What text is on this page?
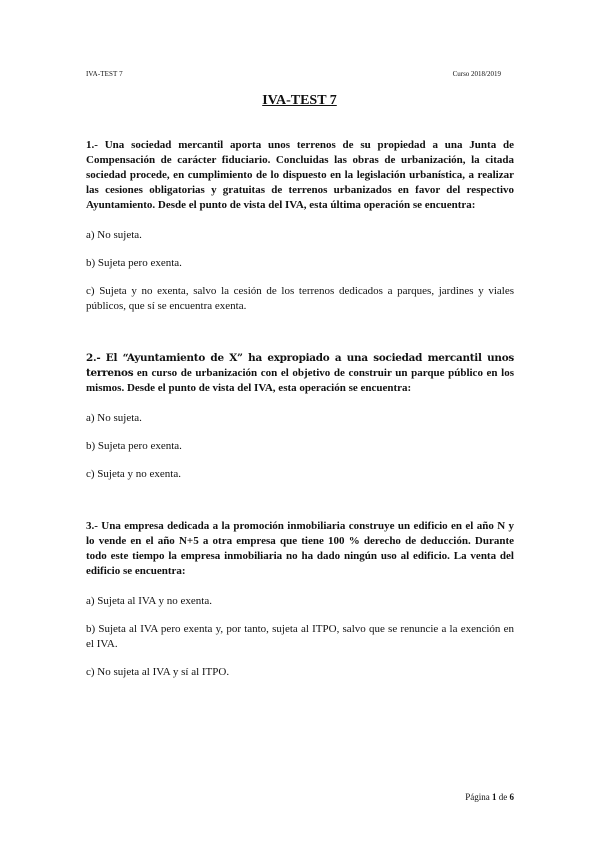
IVA-TEST 7	Curso 2018/2019
IVA-TEST 7

1.- Una sociedad mercantil aporta unos terrenos de su propiedad a una Junta de Compensación de carácter fiduciario. Concluidas las obras de urbanización, la citada sociedad procede, en cumplimiento de lo dispuesto en la legislación urbanística, a realizar las cesiones obligatorias y gratuitas de terrenos urbanizados en favor del respectivo Ayuntamiento. Desde el punto de vista del IVA, esta última operación se encuentra:

a) No sujeta.

b) Sujeta pero exenta.

c) Sujeta y no exenta, salvo la cesión de los terrenos dedicados a parques, jardines y viales públicos, que sí se encuentra exenta.

2.- El “Ayuntamiento de X” ha expropiado a una sociedad mercantil unos terrenos en curso de urbanización con el objetivo de construir un parque público en los mismos. Desde el punto de vista del IVA, esta operación se encuentra:

a) No sujeta.

b) Sujeta pero exenta.

c) Sujeta y no exenta.

3.- Una empresa dedicada a la promoción inmobiliaria construye un edificio en el año N y lo vende en el año N+5 a otra empresa que tiene 100 % derecho de deducción. Durante todo este tiempo la empresa inmobiliaria no ha dado ningún uso al edificio. La venta del edificio se encuentra:

a) Sujeta al IVA y no exenta.

b) Sujeta al IVA pero exenta y, por tanto, sujeta al ITPO, salvo que se renuncie a la exención en el IVA.

c) No sujeta al IVA y sí al ITPO.

Página 1 de 6
